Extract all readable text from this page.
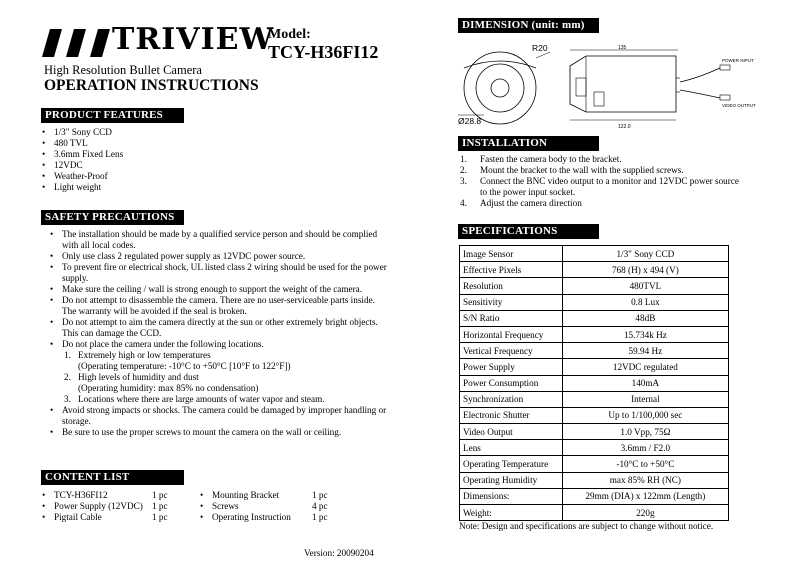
TRIVIEW
Model:
TCY-H36FI12
High Resolution Bullet Camera
OPERATION INSTRUCTIONS
PRODUCT FEATURES
• 1/3" Sony CCD
• 480 TVL
• 3.6mm Fixed Lens
• 12VDC
• Weather-Proof
• Light weight
SAFETY PRECAUTIONS
• The installation should be made by a qualified service person and should be complied with all local codes.
• Only use class 2 regulated power supply as 12VDC power source.
• To prevent fire or electrical shock, UL listed class 2 wiring should be used for the power supply.
• Make sure the ceiling / wall is strong enough to support the weight of the camera.
• Do not attempt to disassemble the camera. There are no user-serviceable parts inside. The warranty will be avoided if the seal is broken.
• Do not attempt to aim the camera directly at the sun or other extremely bright objects. This can damage the CCD.
• Do not place the camera under the following locations.
1. Extremely high or low temperatures
(Operating temperature: -10°C to +50°C [10°F to 122°F])
2. High levels of humidity and dust
(Operating humidity: max 85% no condensation)
3. Locations where there are large amounts of water vapor and steam.
• Avoid strong impacts or shocks. The camera could be damaged by improper handling or storage.
• Be sure to use the proper screws to mount the camera on the wall or ceiling.
CONTENT LIST
• TCY-H36FI12	1 pc
• Power Supply (12VDC) 1 pc
• Pigtail Cable	1 pc
• Mounting Bracket	1 pc
• Screws	4 pc
• Operating Instruction 1 pc
Version: 20090204
DIMENSION (unit: mm)
R20
Ø28.8
135
122.0
POWER INPUT
VIDEO OUTPUT
INSTALLATION
1. Fasten the camera body to the bracket.
2. Mount the bracket to the wall with the supplied screws.
3. Connect the BNC video output to a monitor and 12VDC power source to the power input socket.
4. Adjust the camera direction
SPECIFICATIONS
Image Sensor	1/3" Sony CCD
Effective Pixels	768 (H) x 494 (V)
Resolution	480TVL
Sensitivity	0.8 Lux
S/N Ratio	48dB
Horizontal Frequency	15.734k Hz
Vertical Frequency	59.94 Hz
Power Supply	12VDC regulated
Power Consumption	140mA
Synchronization	Internal
Electronic Shutter	Up to 1/100,000 sec
Video Output	1.0 Vpp, 75Ω
Lens	3.6mm / F2.0
Operating Temperature	-10°C to +50°C
Operating Humidity	max 85% RH (NC)
Dimensions:	29mm (DIA) x 122mm (Length)
Weight:	220g
Note: Design and specifications are subject to change without notice.
